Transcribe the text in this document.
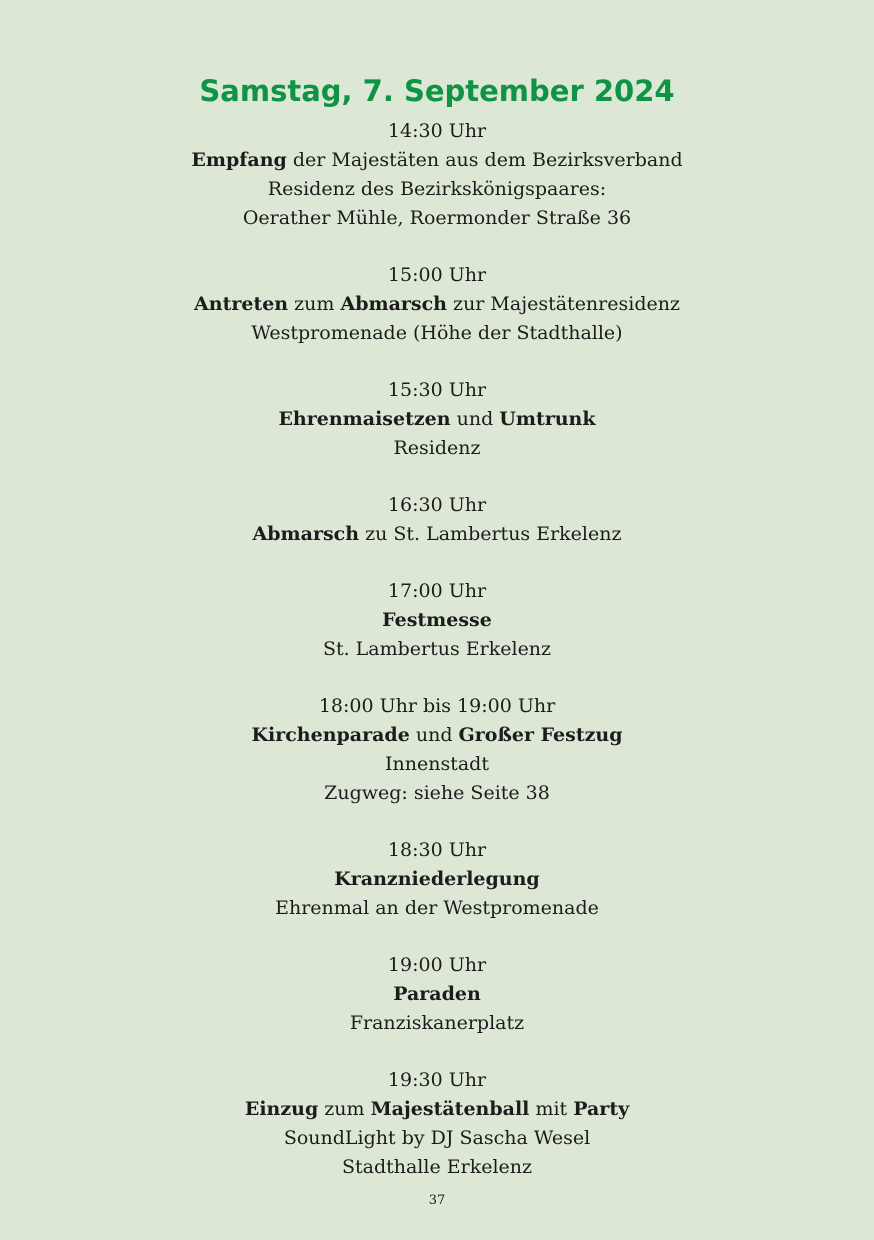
Samstag, 7. September 2024
14:30 Uhr
Empfang der Majestäten aus dem Bezirksverband
Residenz des Bezirkskönigspaares:
Oerather Mühle, Roermonder Straße 36
15:00 Uhr
Antreten zum Abmarsch zur Majestätenresidenz
Westpromenade (Höhe der Stadthalle)
15:30 Uhr
Ehrenmaisetzen und Umtrunk
Residenz
16:30 Uhr
Abmarsch zu St. Lambertus Erkelenz
17:00 Uhr
Festmesse
St. Lambertus Erkelenz
18:00 Uhr bis 19:00 Uhr
Kirchenparade und Großer Festzug
Innenstadt
Zugweg: siehe Seite 38
18:30 Uhr
Kranzniederlegung
Ehrenmal an der Westpromenade
19:00 Uhr
Paraden
Franziskanerplatz
19:30 Uhr
Einzug zum Majestätenball mit Party
SoundLight by DJ Sascha Wesel
Stadthalle Erkelenz
37
